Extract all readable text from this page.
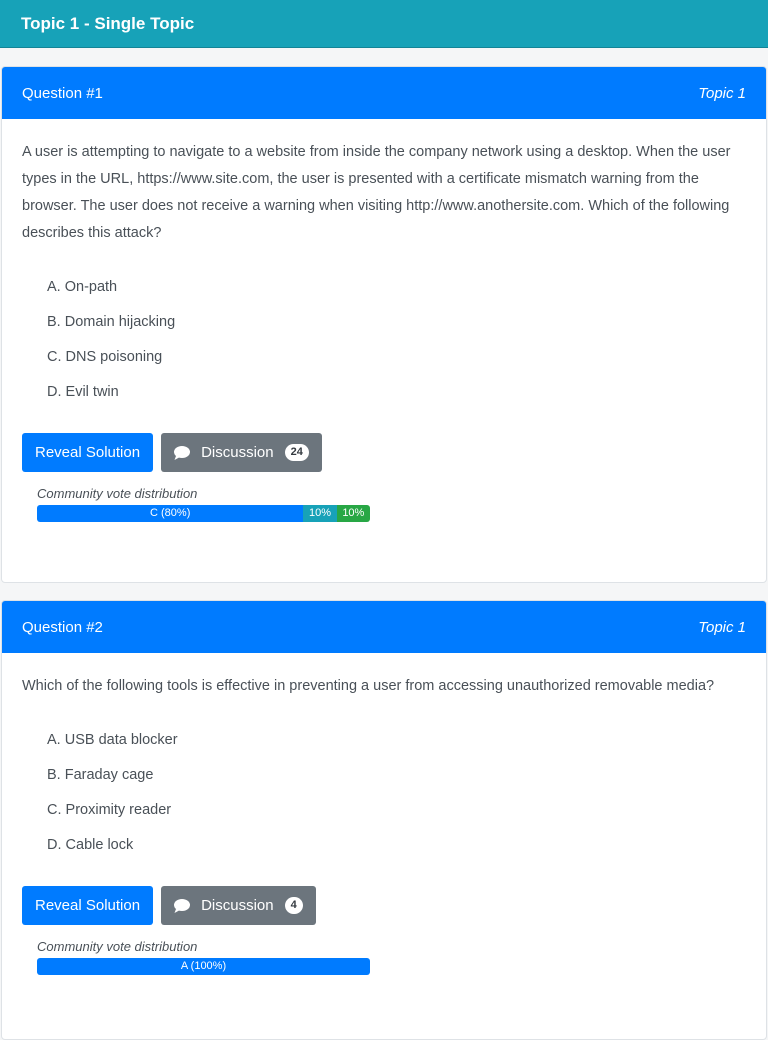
Topic 1 - Single Topic
Question #1	Topic 1

A user is attempting to navigate to a website from inside the company network using a desktop. When the user types in the URL, https://www.site.com, the user is presented with a certificate mismatch warning from the browser. The user does not receive a warning when visiting http://www.anothersite.com. Which of the following describes this attack?

A. On-path
B. Domain hijacking
C. DNS poisoning
D. Evil twin
Reveal Solution	Discussion	24
Community vote distribution
C (80%)	10%	10%
Question #2	Topic 1

Which of the following tools is effective in preventing a user from accessing unauthorized removable media?

A. USB data blocker
B. Faraday cage
C. Proximity reader
D. Cable lock
Reveal Solution	Discussion	4
Community vote distribution
A (100%)
